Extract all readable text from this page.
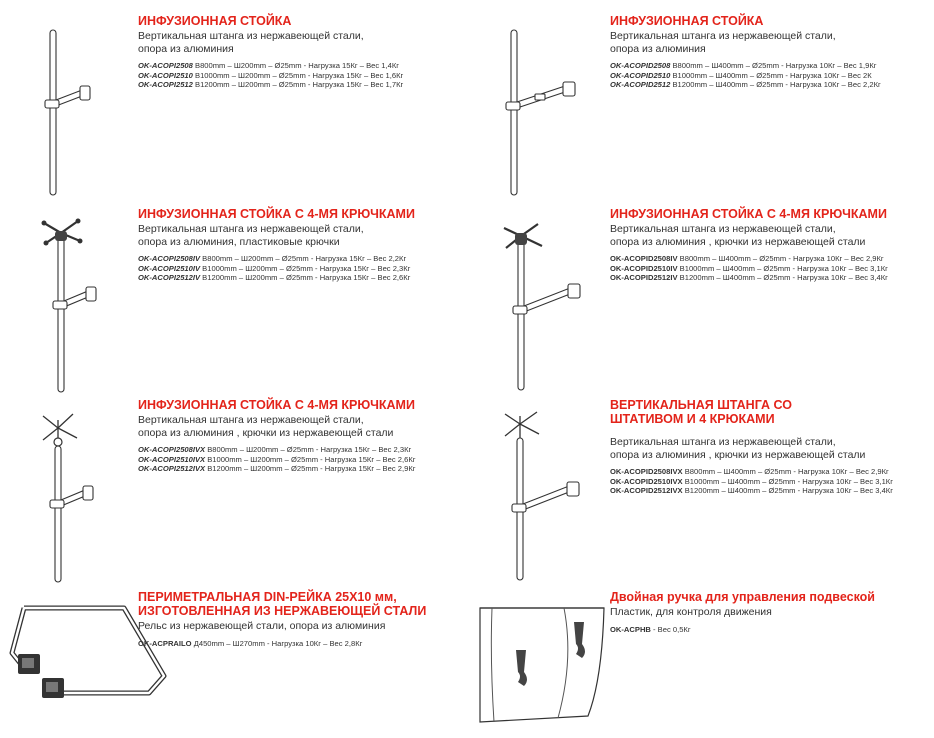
ИНФУЗИОННАЯ СТОЙКА
Вертикальная штанга из нержавеющей стали,
опора из алюминия
OK-ACOPI2508 B800mm – Ш200mm – Ø25mm - Нагрузка 15Кг – Вес 1,4Кг
OK-ACOPI2510 B1000mm – Ш200mm – Ø25mm - Нагрузка 15Кг – Вес 1,6Кг
OK-ACOPI2512 B1200mm – Ш200mm – Ø25mm - Нагрузка 15Кг – Вес 1,7Кг
ИНФУЗИОННАЯ СТОЙКА
Вертикальная штанга из нержавеющей стали,
опора из алюминия
OK-ACOPID2508 B800mm – Ш400mm – Ø25mm - Нагрузка 10Кг – Вес 1,9Кг
OK-ACOPID2510 B1000mm – Ш400mm – Ø25mm - Нагрузка 10Кг – Вес 2К
OK-ACOPID2512 B1200mm – Ш400mm – Ø25mm - Нагрузка 10Кг – Вес 2,2Кг
ИНФУЗИОННАЯ СТОЙКА С 4-МЯ КРЮЧКАМИ
Вертикальная штанга из нержавеющей стали,
опора из алюминия, пластиковые крючки
OK-ACOPI2508IV B800mm – Ш200mm – Ø25mm - Нагрузка 15Кг – Вес 2,2Кг
OK-ACOPI2510IV B1000mm – Ш200mm – Ø25mm - Нагрузка 15Кг – Вес 2,3Кг
OK-ACOPI2512IV B1200mm – Ш200mm – Ø25mm - Нагрузка 15Кг – Вес 2,6Кг
ИНФУЗИОННАЯ СТОЙКА С 4-МЯ КРЮЧКАМИ
Вертикальная штанга из нержавеющей стали,
опора из алюминия , крючки из нержавеющей стали
OK-ACOPID2508IV B800mm – Ш400mm – Ø25mm - Нагрузка 10Кг – Вес 2,9Кг
OK-ACOPID2510IV B1000mm – Ш400mm – Ø25mm - Нагрузка 10Кг – Вес 3,1Кг
OK-ACOPID2512IV B1200mm – Ш400mm – Ø25mm - Нагрузка 10Кг – Вес 3,4Кг
ИНФУЗИОННАЯ СТОЙКА С 4-МЯ КРЮЧКАМИ
Вертикальная штанга из нержавеющей стали,
опора из алюминия , крючки из нержавеющей стали
OK-ACOPI2508IVX B800mm – Ш200mm – Ø25mm - Нагрузка 15Кг – Вес 2,3Кг
OK-ACOPI2510IVX B1000mm – Ш200mm – Ø25mm - Нагрузка 15Кг – Вес 2,6Кг
OK-ACOPI2512IVX B1200mm – Ш200mm – Ø25mm - Нагрузка 15Кг – Вес 2,9Кг
ВЕРТИКАЛЬНАЯ ШТАНГА СО ШТАТИВОМ И 4 КРЮКАМИ
Вертикальная штанга из нержавеющей стали,
опора из алюминия , крючки из нержавеющей стали
OK-ACOPID2508IVX B800mm – Ш400mm – Ø25mm - Нагрузка 10Кг – Вес 2,9Кг
OK-ACOPID2510IVX B1000mm – Ш400mm – Ø25mm - Нагрузка 10Кг – Вес 3,1Кг
OK-ACOPID2512IVX B1200mm – Ш400mm – Ø25mm - Нагрузка 10Кг – Вес 3,4Кг
ПЕРИМЕТРАЛЬНАЯ DIN-РЕЙКА 25X10 мм, ИЗГОТОВЛЕННАЯ ИЗ НЕРЖАВЕЮЩЕЙ СТАЛИ
Рельс из нержавеющей стали, опора из алюминия
OK-ACPRAILO Д450mm – Ш270mm - Нагрузка 10Кг – Вес 2,8Кг
Двойная ручка для управления подвеской
Пластик, для контроля движения
OK-ACPHB - Вес 0,5Кг
